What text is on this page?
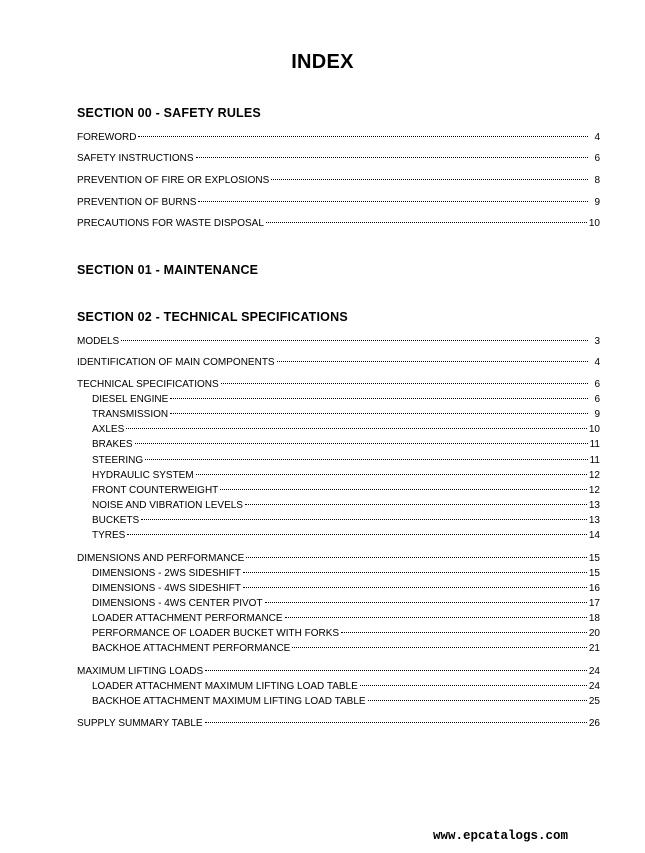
INDEX
SECTION 00 - SAFETY RULES
FOREWORD	4
SAFETY INSTRUCTIONS	6
PREVENTION OF FIRE OR EXPLOSIONS	8
PREVENTION OF BURNS	9
PRECAUTIONS FOR WASTE DISPOSAL	10
SECTION 01 - MAINTENANCE
SECTION 02 - TECHNICAL SPECIFICATIONS
MODELS	3
IDENTIFICATION OF MAIN COMPONENTS	4
TECHNICAL SPECIFICATIONS	6
DIESEL ENGINE	6
TRANSMISSION	9
AXLES	10
BRAKES	11
STEERING	11
HYDRAULIC SYSTEM	12
FRONT COUNTERWEIGHT	12
NOISE AND VIBRATION LEVELS	13
BUCKETS	13
TYRES	14
DIMENSIONS AND PERFORMANCE	15
DIMENSIONS - 2WS SIDESHIFT	15
DIMENSIONS - 4WS SIDESHIFT	16
DIMENSIONS - 4WS CENTER PIVOT	17
LOADER ATTACHMENT PERFORMANCE	18
PERFORMANCE OF LOADER BUCKET WITH FORKS	20
BACKHOE ATTACHMENT PERFORMANCE	21
MAXIMUM LIFTING LOADS	24
LOADER ATTACHMENT MAXIMUM LIFTING LOAD TABLE	24
BACKHOE ATTACHMENT MAXIMUM LIFTING LOAD TABLE	25
SUPPLY SUMMARY TABLE	26
www.epcatalogs.com
